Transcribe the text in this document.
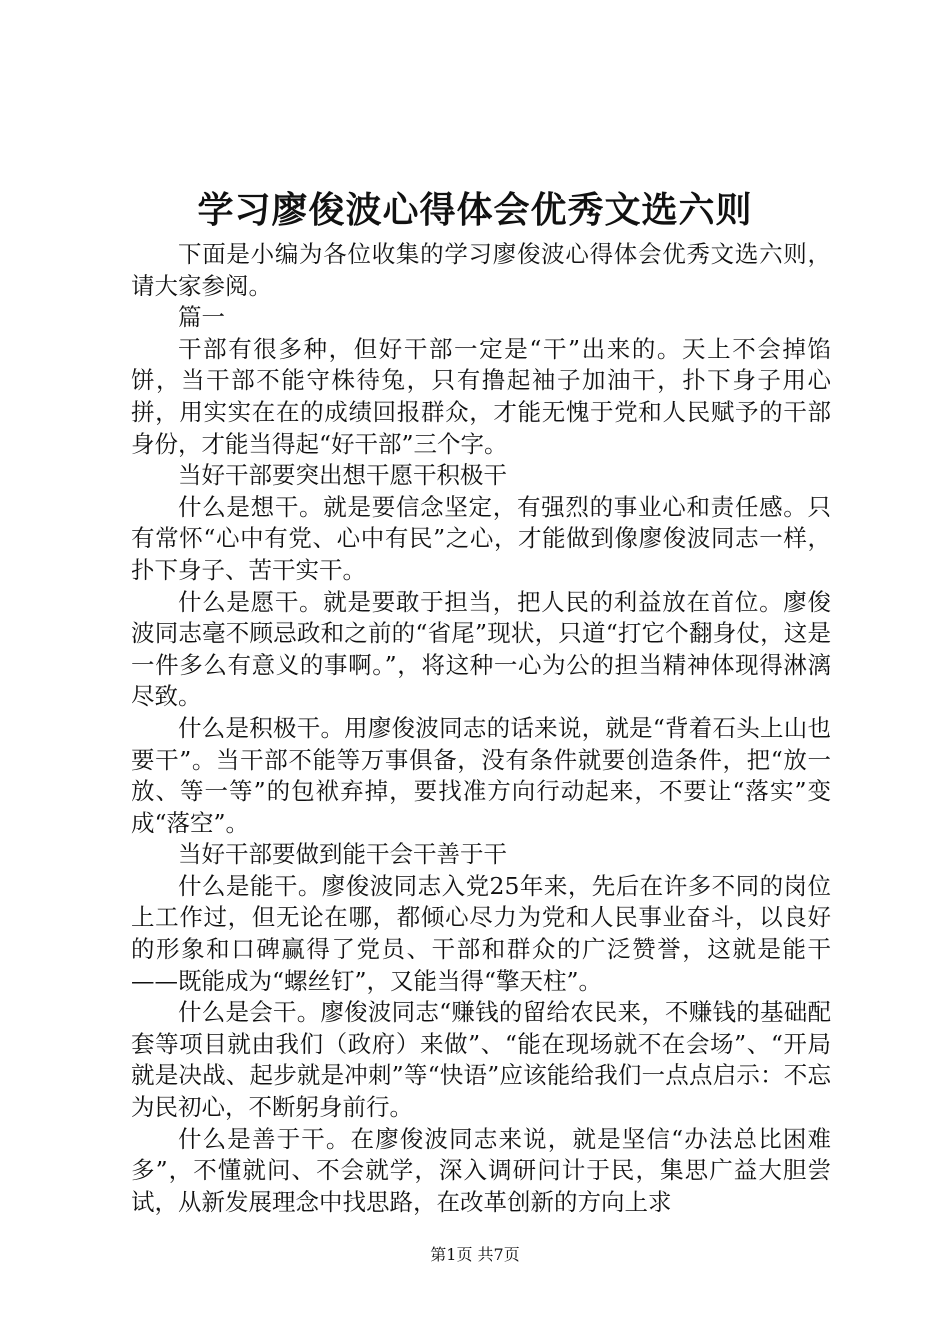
学习廖俊波心得体会优秀文选六则

下面是小编为各位收集的学习廖俊波心得体会优秀文选六则，请大家参阅。

篇一

干部有很多种，但好干部一定是“干”出来的。天上不会掉馅饼，当干部不能守株待兔，只有撸起袖子加油干，扑下身子用心拼，用实实在在的成绩回报群众，才能无愧于党和人民赋予的干部身份，才能当得起“好干部”三个字。

当好干部要突出想干愿干积极干

什么是想干。就是要信念坚定，有强烈的事业心和责任感。只有常怀“心中有党、心中有民”之心，才能做到像廖俊波同志一样，扑下身子、苦干实干。

什么是愿干。就是要敢于担当，把人民的利益放在首位。廖俊波同志毫不顾忌政和之前的“省尾”现状，只道“打它个翻身仗，这是一件多么有意义的事啊。”，将这种一心为公的担当精神体现得淋漓尽致。

什么是积极干。用廖俊波同志的话来说，就是“背着石头上山也要干”。当干部不能等万事俱备，没有条件就要创造条件，把“放一放、等一等”的包袱弃掉，要找准方向行动起来，不要让“落实”变成“落空”。

当好干部要做到能干会干善于干

什么是能干。廖俊波同志入党25年来，先后在许多不同的岗位上工作过，但无论在哪，都倾心尽力为党和人民事业奋斗，以良好的形象和口碑赢得了党员、干部和群众的广泛赞誉，这就是能干——既能成为“螺丝钉”，又能当得“擎天柱”。

什么是会干。廖俊波同志“赚钱的留给农民来，不赚钱的基础配套等项目就由我们（政府）来做”、“能在现场就不在会场”、“开局就是决战、起步就是冲刺”等“快语”应该能给我们一点点启示：不忘为民初心，不断躬身前行。

什么是善于干。在廖俊波同志来说，就是坚信“办法总比困难多”，不懂就问、不会就学，深入调研问计于民，集思广益大胆尝试，从新发展理念中找思路，在改革创新的方向上求

第1页 共7页
